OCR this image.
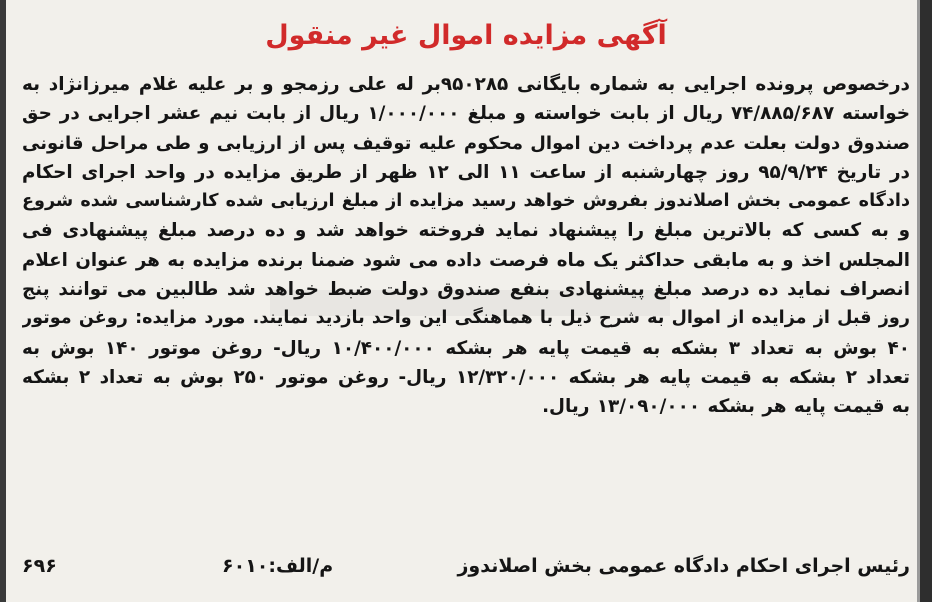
آگهی مزایده اموال غیر منقول
درخصوص پرونده اجرایی به شماره بایگانی ۹۵۰۲۸۵بر له علی رزمجو و بر علیه غلام میرزانژاد به
خواسته ۷۴/۸۸۵/۶۸۷ ریال از بابت خواسته و مبلغ ۱/۰۰۰/۰۰۰ ریال از بابت نیم عشر اجرایی در حق
صندوق دولت بعلت عدم پرداخت دین اموال محکوم علیه توقیف پس از ارزیابی و طی مراحل قانونی
در تاریخ ۹۵/۹/۲۴ روز چهارشنبه از ساعت ۱۱ الی ۱۲ ظهر از طریق مزایده در واحد اجرای احکام
دادگاه عمومی بخش اصلاندوز بفروش خواهد رسید مزایده از مبلغ ارزیابی شده کارشناسی شده شروع
و به کسی که بالاترین مبلغ را پیشنهاد نماید فروخته خواهد شد و ده درصد مبلغ پیشنهادی فی
المجلس اخذ و به مابقی حداکثر یک ماه فرصت داده می شود ضمنا برنده مزایده به هر عنوان اعلام
انصراف نماید ده درصد مبلغ پیشنهادی بنفع صندوق دولت ضبط خواهد شد طالبین می توانند پنج
روز قبل از مزایده از اموال به شرح ذیل با هماهنگی این واحد بازدید نمایند. مورد مزایده: روغن موتور
۴۰ بوش به تعداد ۳ بشکه به قیمت پایه هر بشکه ۱۰/۴۰۰/۰۰۰ ریال- روغن موتور ۱۴۰ بوش به
تعداد ۲ بشکه به قیمت پایه هر بشکه ۱۲/۳۲۰/۰۰۰ ریال- روغن موتور ۲۵۰ بوش به تعداد ۲ بشکه
به قیمت پایه هر بشکه ۱۳/۰۹۰/۰۰۰ ریال.
رئیس اجرای احکام دادگاه عمومی بخش اصلاندوز
م/الف:۶۰۱۰
۶۹۶
